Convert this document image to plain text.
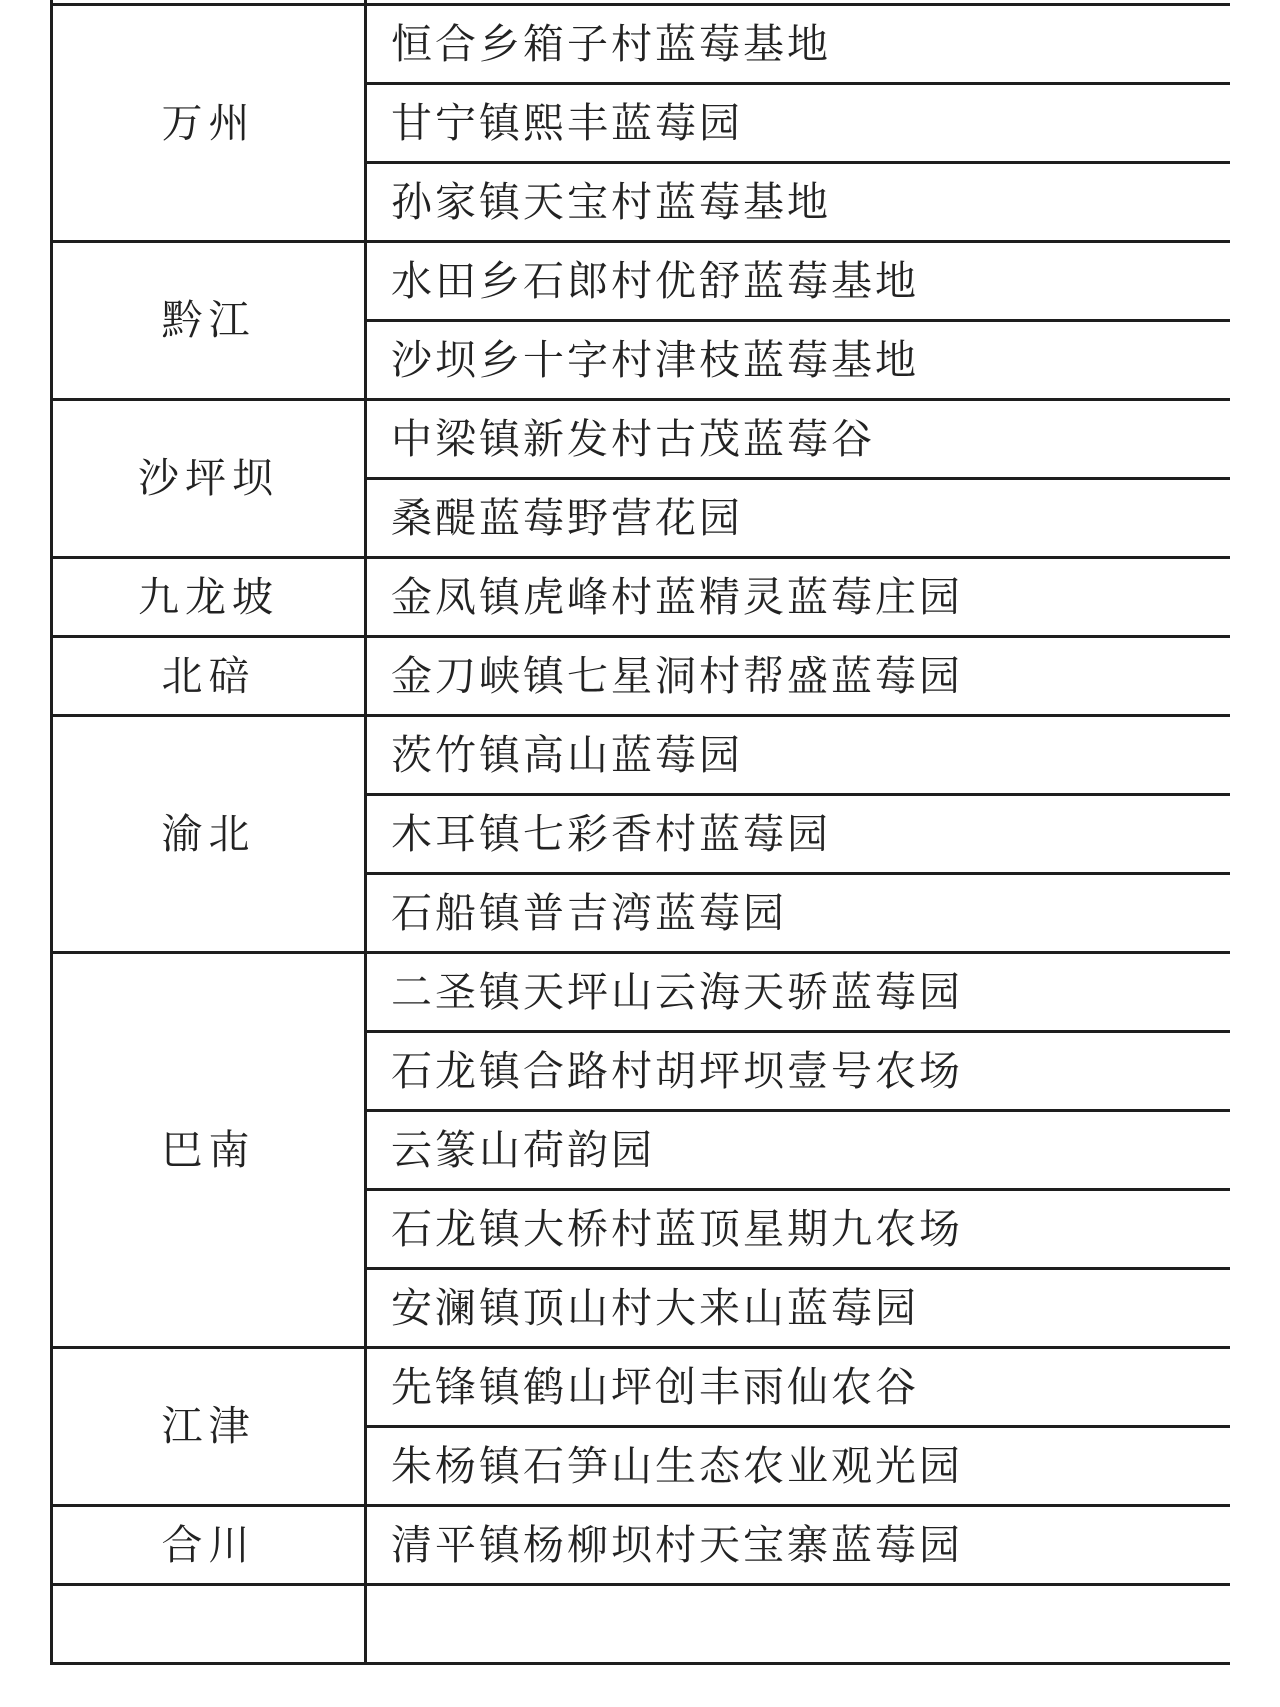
万州	恒合乡箱子村蓝莓基地
	甘宁镇熙丰蓝莓园
	孙家镇天宝村蓝莓基地
黔江	水田乡石郎村优舒蓝莓基地
	沙坝乡十字村津枝蓝莓基地
沙坪坝	中梁镇新发村古茂蓝莓谷
	桑醍蓝莓野营花园
九龙坡	金凤镇虎峰村蓝精灵蓝莓庄园
北碚	金刀峡镇七星洞村帮盛蓝莓园
渝北	茨竹镇高山蓝莓园
	木耳镇七彩香村蓝莓园
	石船镇普吉湾蓝莓园
巴南	二圣镇天坪山云海天骄蓝莓园
	石龙镇合路村胡坪坝壹号农场
	云篆山荷韵园
	石龙镇大桥村蓝顶星期九农场
	安澜镇顶山村大来山蓝莓园
江津	先锋镇鹤山坪创丰雨仙农谷
	朱杨镇石笋山生态农业观光园
合川	清平镇杨柳坝村天宝寨蓝莓园
